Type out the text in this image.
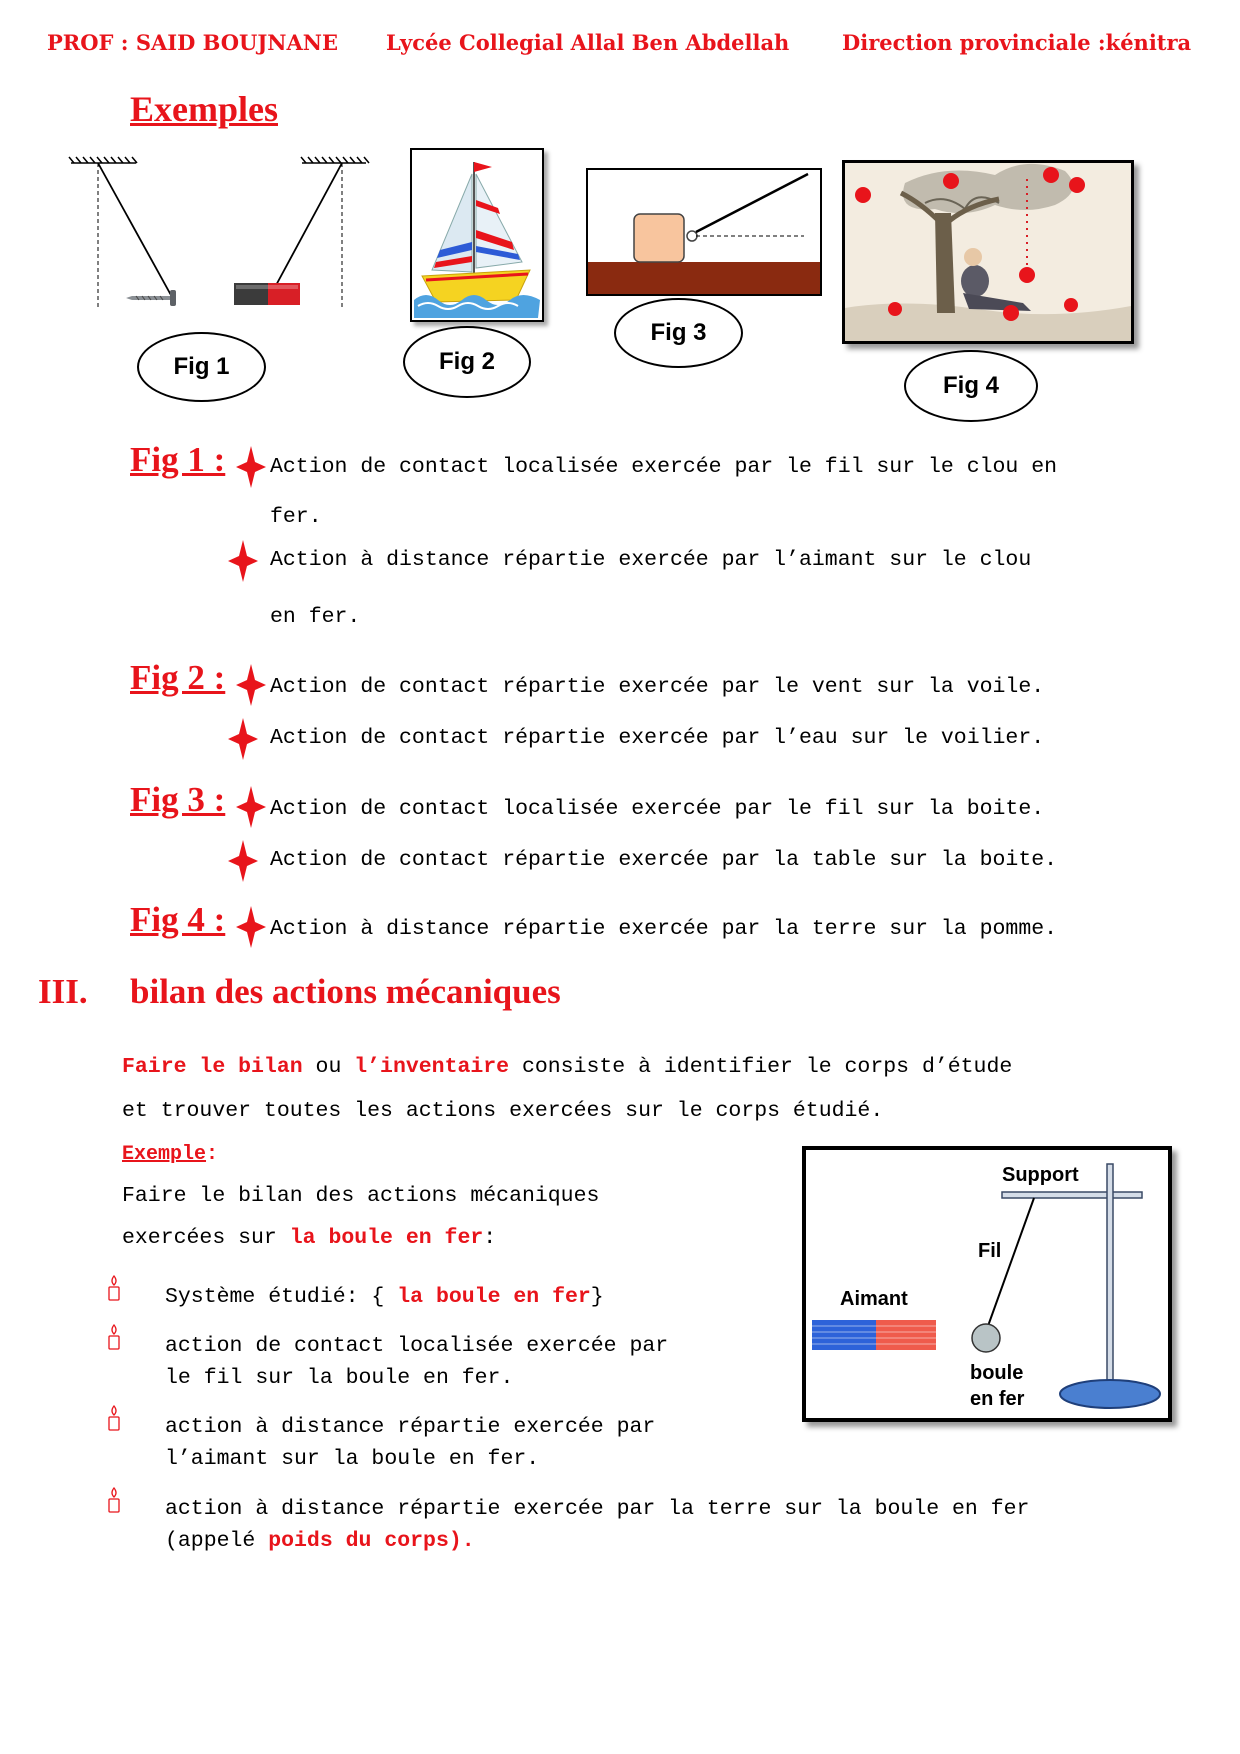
PROF : SAID BOUJNANE Lycée Collegial Allal Ben Abdellah	Direction provinciale :kénitra
Exemples
Fig 1	Fig 2
Fig 3
Fig 4
Fig 1 : Action de contact localisée exercée par le fil sur le clou en
fer.
Action à distance répartie exercée par l’aimant sur le clou
en fer.
Fig 2 : Action de contact répartie exercée par le vent sur la voile.
Action de contact répartie exercée par l’eau sur le voilier.
Fig 3 : Action de contact localisée exercée par le fil sur la boite.
Action de contact répartie exercée par la table sur la boite.
Fig 4 : Action à distance répartie exercée par la terre sur la pomme.
III. bilan des actions mécaniques
Faire le bilan ou l’inventaire consiste à identifier le corps d’étude
et trouver toutes les actions exercées sur le corps étudié.
Exemple:
Faire le bilan des actions mécaniques
exercées sur la boule en fer:
Système étudié: { la boule en fer}
action de contact localisée exercée par
le fil sur la boule en fer.
action à distance répartie exercée par
l’aimant sur la boule en fer.
action à distance répartie exercée par la terre sur la boule en fer
(appelé poids du corps).
Support
Fil
Aimant
boule
en fer
